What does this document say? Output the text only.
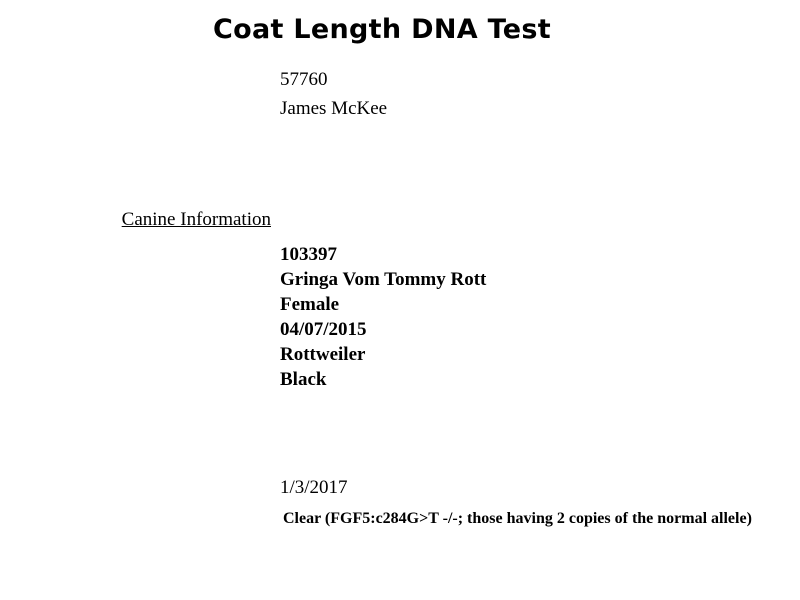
Coat Length DNA Test
57760
James McKee
Canine Information
103397
Gringa Vom Tommy Rott
Female
04/07/2015
Rottweiler
Black
1/3/2017
Clear (FGF5:c284G>T -/-; those having 2 copies of the normal allele)
